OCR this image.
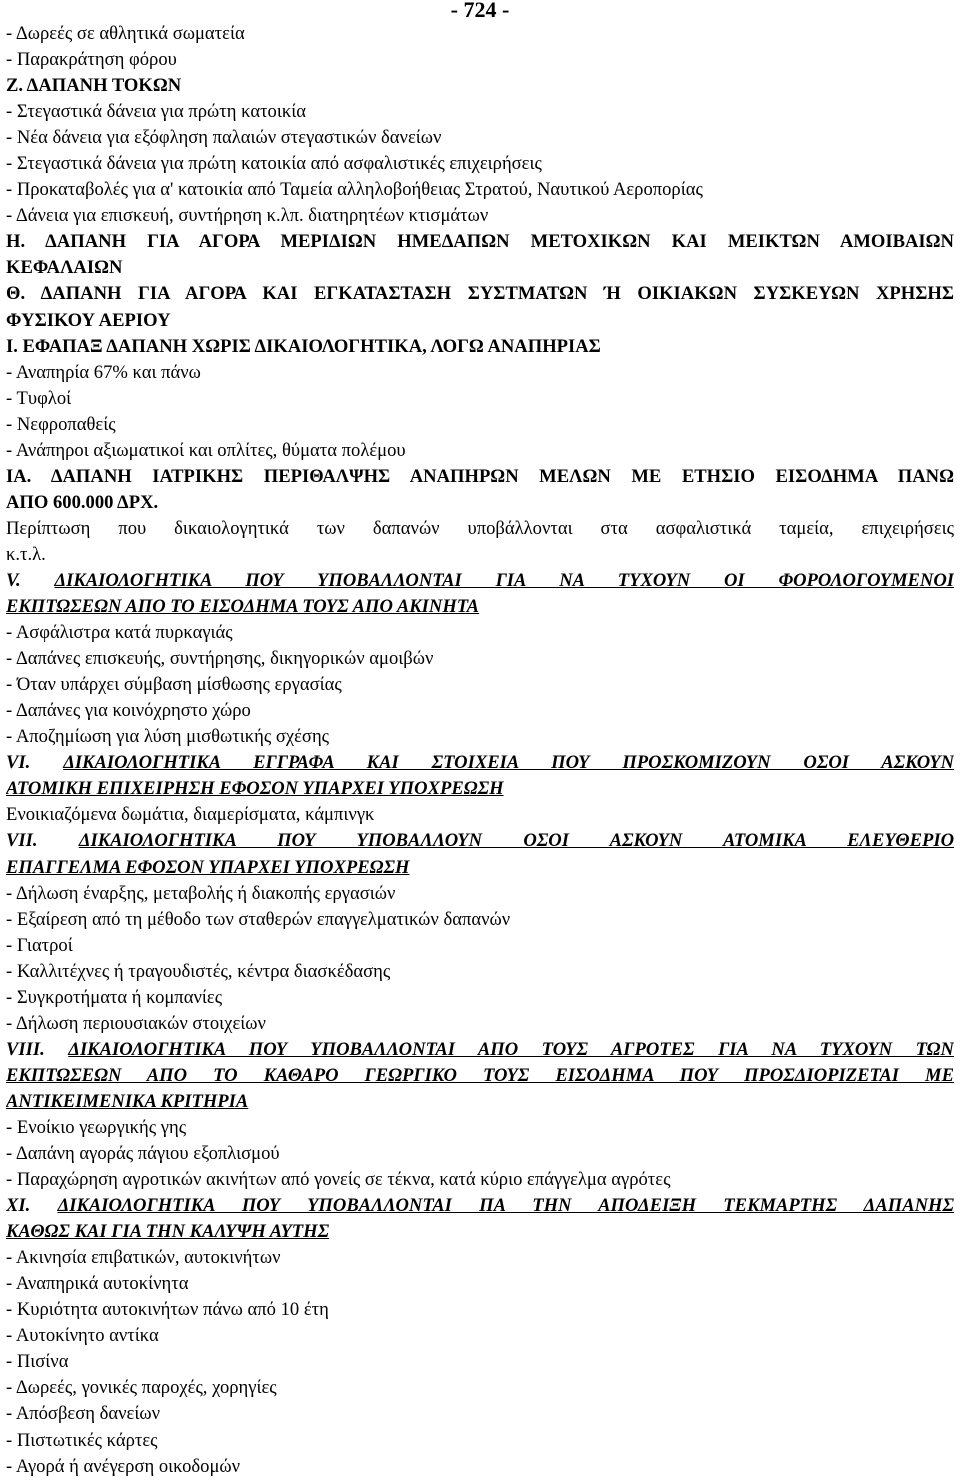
- 724 -
- Δωρεές σε αθλητικά σωματεία
- Παρακράτηση φόρου
Ζ. ΔΑΠΑΝΗ ΤΟΚΩΝ
- Στεγαστικά δάνεια για πρώτη κατοικία
- Νέα δάνεια για εξόφληση παλαιών στεγαστικών δανείων
- Στεγαστικά δάνεια για πρώτη κατοικία από ασφαλιστικές επιχειρήσεις
- Προκαταβολές για α' κατοικία από Ταμεία αλληλοβοήθειας Στρατού, Ναυτικού Αεροπορίας
- Δάνεια για επισκευή, συντήρηση κ.λπ. διατηρητέων κτισμάτων
Η. ΔΑΠΑΝΗ ΓΙΑ ΑΓΟΡΑ ΜΕΡΙΔΙΩΝ ΗΜΕΔΑΠΩΝ ΜΕΤΟΧΙΚΩΝ ΚΑΙ ΜΕΙΚΤΩΝ ΑΜΟΙΒΑΙΩΝ
ΚΕΦΑΛΑΙΩΝ
Θ. ΔΑΠΑΝΗ ΓΙΑ ΑΓΟΡΑ ΚΑΙ ΕΓΚΑΤΑΣΤΑΣΗ ΣΥΣΤΜΑΤΩΝ Ή ΟΙΚΙΑΚΩΝ ΣΥΣΚΕΥΩΝ ΧΡΗΣΗΣ
ΦΥΣΙΚΟΥ ΑΕΡΙΟΥ
Ι. ΕΦΑΠΑΞ ΔΑΠΑΝΗ ΧΩΡΙΣ ΔΙΚΑΙΟΛΟΓΗΤΙΚΑ, ΛΟΓΩ ΑΝΑΠΗΡΙΑΣ
- Αναπηρία 67% και πάνω
- Τυφλοί
- Νεφροπαθείς
- Ανάπηροι αξιωματικοί και οπλίτες, θύματα πολέμου
ΙΑ. ΔΑΠΑΝΗ ΙΑΤΡΙΚΗΣ ΠΕΡΙΘΑΛΨΗΣ ΑΝΑΠΗΡΩΝ ΜΕΛΩΝ ΜΕ ΕΤΗΣΙΟ ΕΙΣΟΔΗΜΑ ΠΑΝΩ
ΑΠΟ 600.000 ΔΡΧ.
Περίπτωση που δικαιολογητικά των δαπανών υποβάλλονται στα ασφαλιστικά ταμεία, επιχειρήσεις
κ.τ.λ.
V. ΔΙΚΑΙΟΛΟΓΗΤΙΚΑ ΠΟΥ ΥΠΟΒΑΛΛΟΝΤΑΙ ΓΙΑ ΝΑ ΤΥΧΟΥΝ ΟΙ ΦΟΡΟΛΟΓΟΥΜΕΝΟΙ
ΕΚΠΤΩΣΕΩΝ ΑΠΟ ΤΟ ΕΙΣΟΔΗΜΑ ΤΟΥΣ ΑΠΟ ΑΚΙΝΗΤΑ
- Ασφάλιστρα κατά πυρκαγιάς
- Δαπάνες επισκευής, συντήρησης, δικηγορικών αμοιβών
- Όταν υπάρχει σύμβαση μίσθωσης εργασίας
- Δαπάνες για κοινόχρηστο χώρο
- Αποζημίωση για λύση μισθωτικής σχέσης
VI. ΔΙΚΑΙΟΛΟΓΗΤΙΚΑ ΕΓΓΡΑΦΑ ΚΑΙ ΣΤΟΙΧΕΙΑ ΠΟΥ ΠΡΟΣΚΟΜΙΖΟΥΝ ΟΣΟΙ ΑΣΚΟΥΝ
ΑΤΟΜΙΚΗ ΕΠΙΧΕΙΡΗΣΗ ΕΦΟΣΟΝ ΥΠΑΡΧΕΙ ΥΠΟΧΡΕΩΣΗ
Ενοικιαζόμενα δωμάτια, διαμερίσματα, κάμπινγκ
VII. ΔΙΚΑΙΟΛΟΓΗΤΙΚΑ ΠΟΥ ΥΠΟΒΑΛΛΟΥΝ ΟΣΟΙ ΑΣΚΟΥΝ ΑΤΟΜΙΚΑ ΕΛΕΥΘΕΡΙΟ
ΕΠΑΓΓΕΛΜΑ ΕΦΟΣΟΝ ΥΠΑΡΧΕΙ ΥΠΟΧΡΕΩΣΗ
- Δήλωση έναρξης, μεταβολής ή διακοπής εργασιών
- Εξαίρεση από τη μέθοδο των σταθερών επαγγελματικών δαπανών
- Γιατροί
- Καλλιτέχνες ή τραγουδιστές, κέντρα διασκέδασης
- Συγκροτήματα ή κομπανίες
- Δήλωση περιουσιακών στοιχείων
VIII. ΔΙΚΑΙΟΛΟΓΗΤΙΚΑ ΠΟΥ ΥΠΟΒΑΛΛΟΝΤΑΙ ΑΠΟ ΤΟΥΣ ΑΓΡΟΤΕΣ ΓΙΑ ΝΑ ΤΥΧΟΥΝ ΤΩΝ
ΕΚΠΤΩΣΕΩΝ ΑΠΟ ΤΟ ΚΑΘΑΡΟ ΓΕΩΡΓΙΚΟ ΤΟΥΣ ΕΙΣΟΔΗΜΑ ΠΟΥ ΠΡΟΣΔΙΟΡΙΖΕΤΑΙ ΜΕ
ΑΝΤΙΚΕΙΜΕΝΙΚΑ ΚΡΙΤΗΡΙΑ
- Ενοίκιο γεωργικής γης
- Δαπάνη αγοράς πάγιου εξοπλισμού
- Παραχώρηση αγροτικών ακινήτων από γονείς σε τέκνα, κατά κύριο επάγγελμα αγρότες
XI. ΔΙΚΑΙΟΛΟΓΗΤΙΚΑ ΠΟΥ ΥΠΟΒΑΛΛΟΝΤΑΙ ΠΑ ΤΗΝ ΑΠΟΔΕΙΞΗ ΤΕΚΜΑΡΤΗΣ ΔΑΠΑΝΗΣ
ΚΑΘΩΣ ΚΑΙ ΓΙΑ ΤΗΝ ΚΑΛΥΨΗ ΑΥΤΗΣ
- Ακινησία επιβατικών, αυτοκινήτων
- Αναπηρικά αυτοκίνητα
- Κυριότητα αυτοκινήτων πάνω από 10 έτη
- Αυτοκίνητο αντίκα
- Πισίνα
- Δωρεές, γονικές παροχές, χορηγίες
- Απόσβεση δανείων
- Πιστωτικές κάρτες
- Αγορά ή ανέγερση οικοδομών
